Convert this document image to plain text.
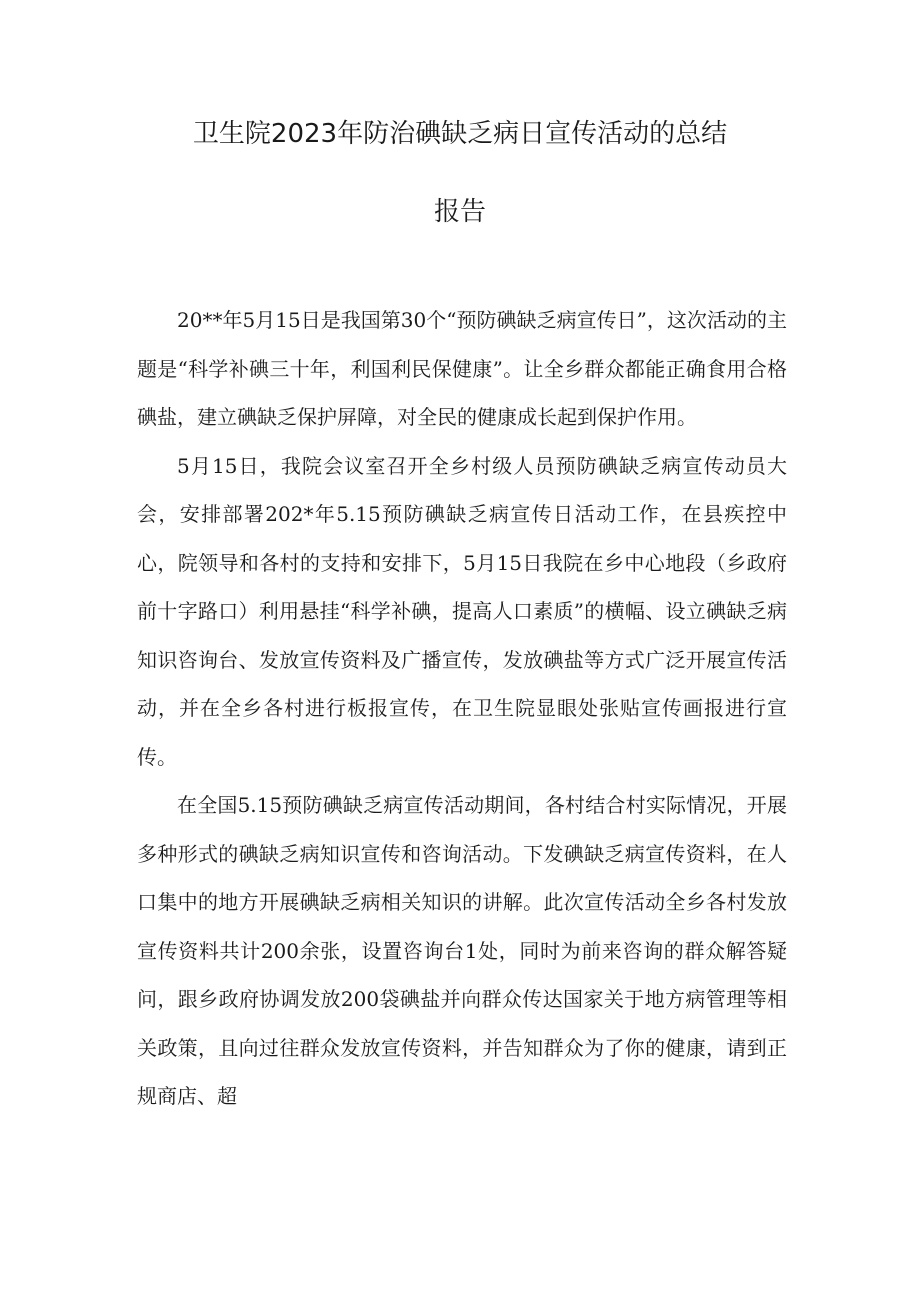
卫生院2023年防治碘缺乏病日宣传活动的总结
报告

20**年5月15日是我国第30个“预防碘缺乏病宣传日”，这次活动的主题是“科学补碘三十年，利国利民保健康”。让全乡群众都能正确食用合格碘盐，建立碘缺乏保护屏障，对全民的健康成长起到保护作用。

5月15日，我院会议室召开全乡村级人员预防碘缺乏病宣传动员大会，安排部署202*年5.15预防碘缺乏病宣传日活动工作，在县疾控中心，院领导和各村的支持和安排下，5月15日我院在乡中心地段（乡政府前十字路口）利用悬挂“科学补碘，提高人口素质”的横幅、设立碘缺乏病知识咨询台、发放宣传资料及广播宣传，发放碘盐等方式广泛开展宣传活动，并在全乡各村进行板报宣传，在卫生院显眼处张贴宣传画报进行宣传。

在全国5.15预防碘缺乏病宣传活动期间，各村结合村实际情况，开展多种形式的碘缺乏病知识宣传和咨询活动。下发碘缺乏病宣传资料，在人口集中的地方开展碘缺乏病相关知识的讲解。此次宣传活动全乡各村发放宣传资料共计200余张，设置咨询台1处，同时为前来咨询的群众解答疑问，跟乡政府协调发放200袋碘盐并向群众传达国家关于地方病管理等相关政策，且向过往群众发放宣传资料，并告知群众为了你的健康，请到正规商店、超
